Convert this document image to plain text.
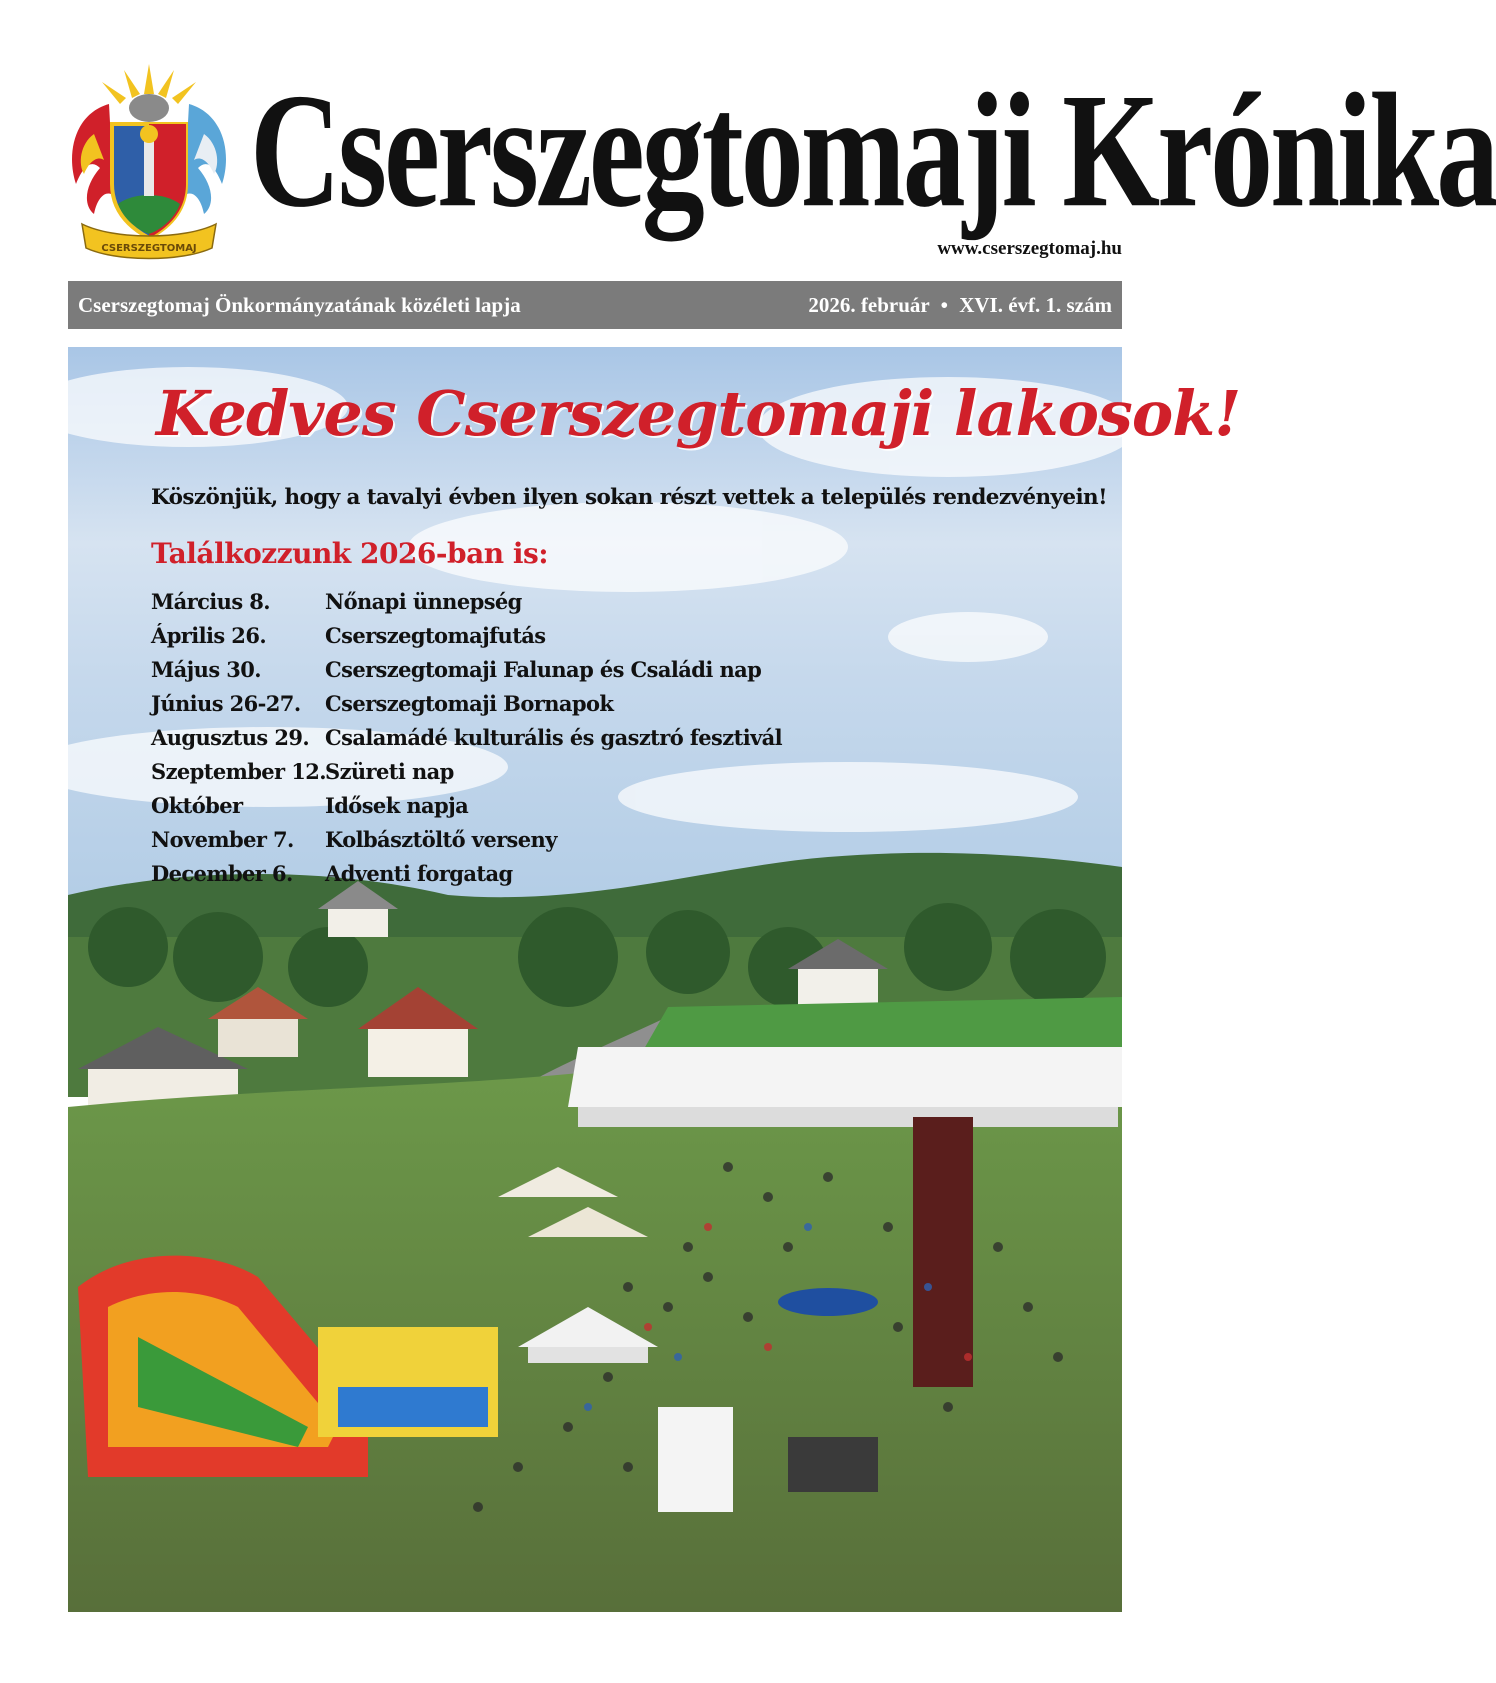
CSERSZEGTOMAJ
Cserszegtomaji Krónika
www.cserszegtomaj.hu
Cserszegtomaj Önkormányzatának közéleti lapja	2026. február • XVI. évf. 1. szám
Kedves Cserszegtomaji lakosok!

Köszönjük, hogy a tavalyi évben ilyen sokan részt vettek a település rendezvényein!

Találkozzunk 2026-ban is:
Március 8.	Nőnapi ünnepség
Április 26.	Cserszegtomajfutás
Május 30.	Cserszegtomaji Falunap és Családi nap
Június 26-27.	Cserszegtomaji Bornapok
Augusztus 29. Csalamádé kulturális és gasztró fesztivál
Szeptember 12. Szüreti nap
Október	Idősek napja
November 7.	Kolbásztöltő verseny
December 6.	Adventi forgatag
